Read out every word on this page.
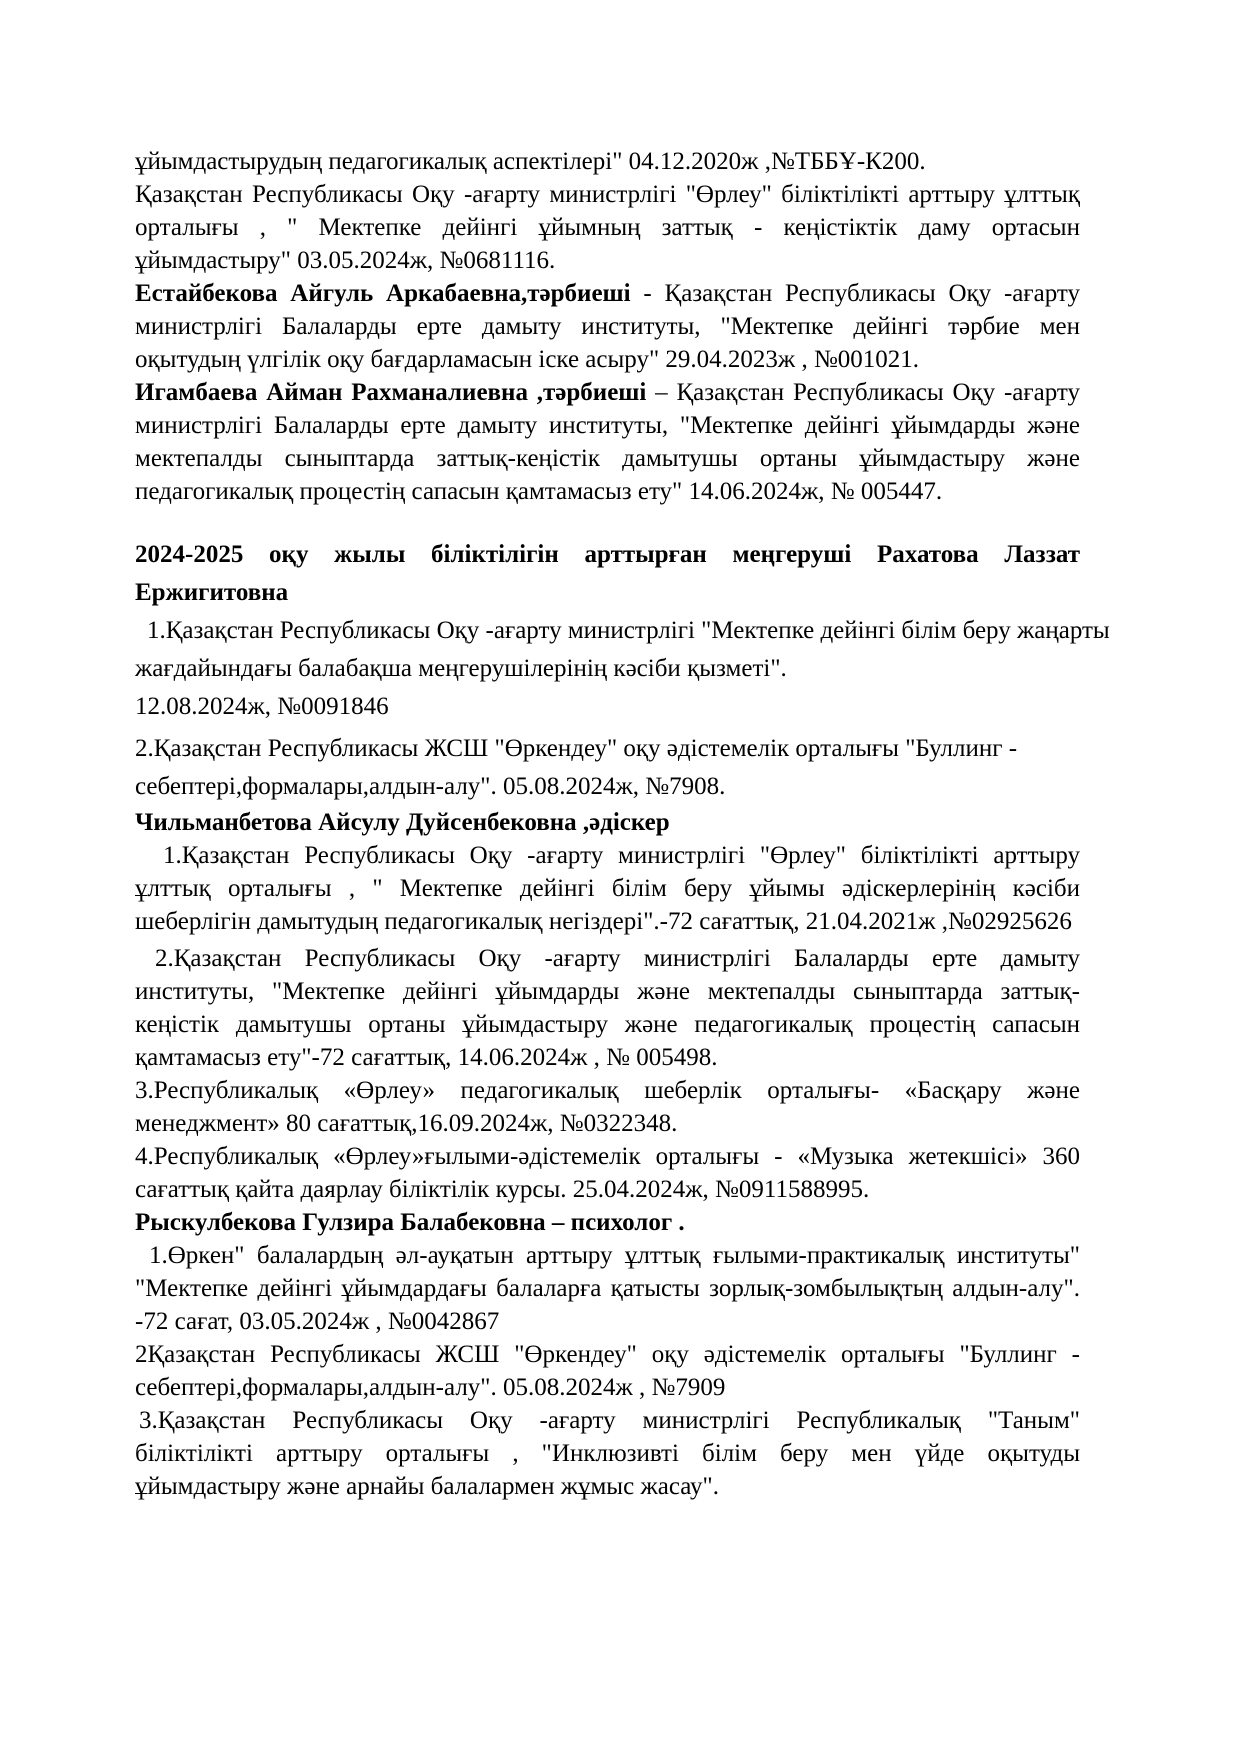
ұйымдастырудың педагогикалық аспектілері" 04.12.2020ж ,№ТББҰ-К200.

Қазақстан Республикасы Оқу -ағарту министрлігі "Өрлеу" біліктілікті арттыру ұлттық орталығы , " Мектепке дейінгі ұйымның заттық - кеңістіктік даму ортасын ұйымдастыру" 03.05.2024ж, №0681116.

Естайбекова Айгуль Аркабаевна,тәрбиеші - Қазақстан Республикасы Оқу -ағарту министрлігі Балаларды ерте дамыту институты, "Мектепке дейінгі тәрбие мен оқытудың үлгілік оқу бағдарламасын іске асыру" 29.04.2023ж , №001021.

Игамбаева Айман Рахманалиевна ,тәрбиеші – Қазақстан Республикасы Оқу -ағарту министрлігі Балаларды ерте дамыту институты, "Мектепке дейінгі ұйымдарды және мектепалды сыныптарда заттық-кеңістік дамытушы ортаны ұйымдастыру және педагогикалық процестің сапасын қамтамасыз ету" 14.06.2024ж, № 005447.

2024-2025 оқу жылы біліктілігін арттырған меңгеруші Рахатова Лаззат Ержигитовна

1.Қазақстан Республикасы Оқу -ағарту министрлігі "Мектепке дейінгі білім беру жаңарты жағдайындағы балабақша меңгерушілерінің кәсіби қызметі".

12.08.2024ж, №0091846

2.Қазақстан Республикасы ЖСШ "Өркендеу" оқу әдістемелік орталығы "Буллинг - себептері,формалары,алдын-алу". 05.08.2024ж, №7908.

Чильманбетова Айсулу Дуйсенбековна ,әдіскер

1.Қазақстан Республикасы Оқу -ағарту министрлігі "Өрлеу" біліктілікті арттыру ұлттық орталығы , " Мектепке дейінгі білім беру ұйымы әдіскерлерінің кәсіби шеберлігін дамытудың педагогикалық негіздері".-72 сағаттық, 21.04.2021ж ,№02925626

2.Қазақстан Республикасы Оқу -ағарту министрлігі Балаларды ерте дамыту институты, "Мектепке дейінгі ұйымдарды және мектепалды сыныптарда заттық-кеңістік дамытушы ортаны ұйымдастыру және педагогикалық процестің сапасын қамтамасыз ету"-72 сағаттық, 14.06.2024ж , № 005498.

3.Республикалық «Өрлеу» педагогикалық шеберлік орталығы- «Басқару және менеджмент» 80 сағаттық,16.09.2024ж, №0322348.

4.Республикалық «Өрлеу»ғылыми-әдістемелік орталығы - «Музыка жетекшісі» 360 сағаттық қайта даярлау біліктілік курсы. 25.04.2024ж, №0911588995.

Рыскулбекова Гулзира Балабековна – психолог .

1.Өркен" балалардың әл-ауқатын арттыру ұлттық ғылыми-практикалық институты" "Мектепке дейінгі ұйымдардағы балаларға қатысты зорлық-зомбылықтың алдын-алу". -72 сағат, 03.05.2024ж , №0042867

2Қазақстан Республикасы ЖСШ "Өркендеу" оқу әдістемелік орталығы "Буллинг - себептері,формалары,алдын-алу". 05.08.2024ж , №7909

3.Қазақстан Республикасы Оқу -ағарту министрлігі Республикалық "Таным" біліктілікті арттыру орталығы , "Инклюзивті білім беру мен үйде оқытуды ұйымдастыру және арнайы балалармен жұмыс жасау".
